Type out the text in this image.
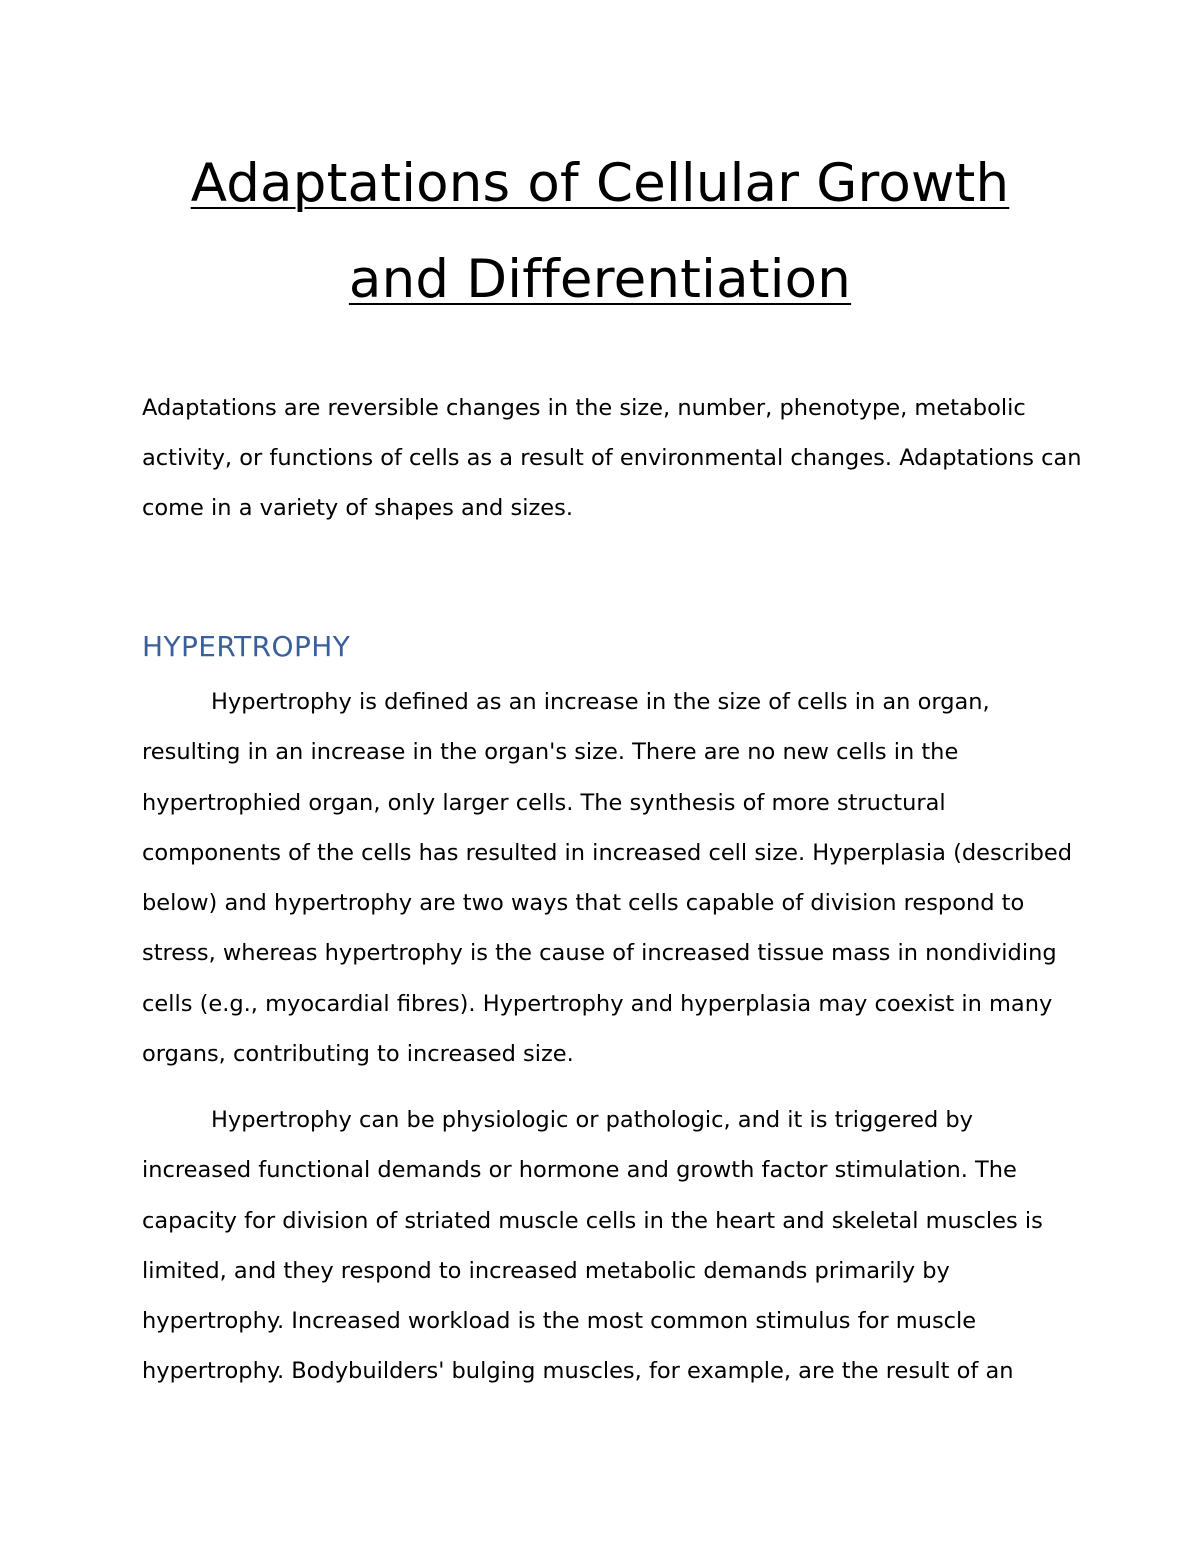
Adaptations of Cellular Growth
and Differentiation

Adaptations are reversible changes in the size, number, phenotype, metabolic
activity, or functions of cells as a result of environmental changes. Adaptations can
come in a variety of shapes and sizes.

HYPERTROPHY

Hypertrophy is defined as an increase in the size of cells in an organ,
resulting in an increase in the organ's size. There are no new cells in the
hypertrophied organ, only larger cells. The synthesis of more structural
components of the cells has resulted in increased cell size. Hyperplasia (described
below) and hypertrophy are two ways that cells capable of division respond to
stress, whereas hypertrophy is the cause of increased tissue mass in nondividing
cells (e.g., myocardial fibres). Hypertrophy and hyperplasia may coexist in many
organs, contributing to increased size.

Hypertrophy can be physiologic or pathologic, and it is triggered by
increased functional demands or hormone and growth factor stimulation. The
capacity for division of striated muscle cells in the heart and skeletal muscles is
limited, and they respond to increased metabolic demands primarily by
hypertrophy. Increased workload is the most common stimulus for muscle
hypertrophy. Bodybuilders' bulging muscles, for example, are the result of an
